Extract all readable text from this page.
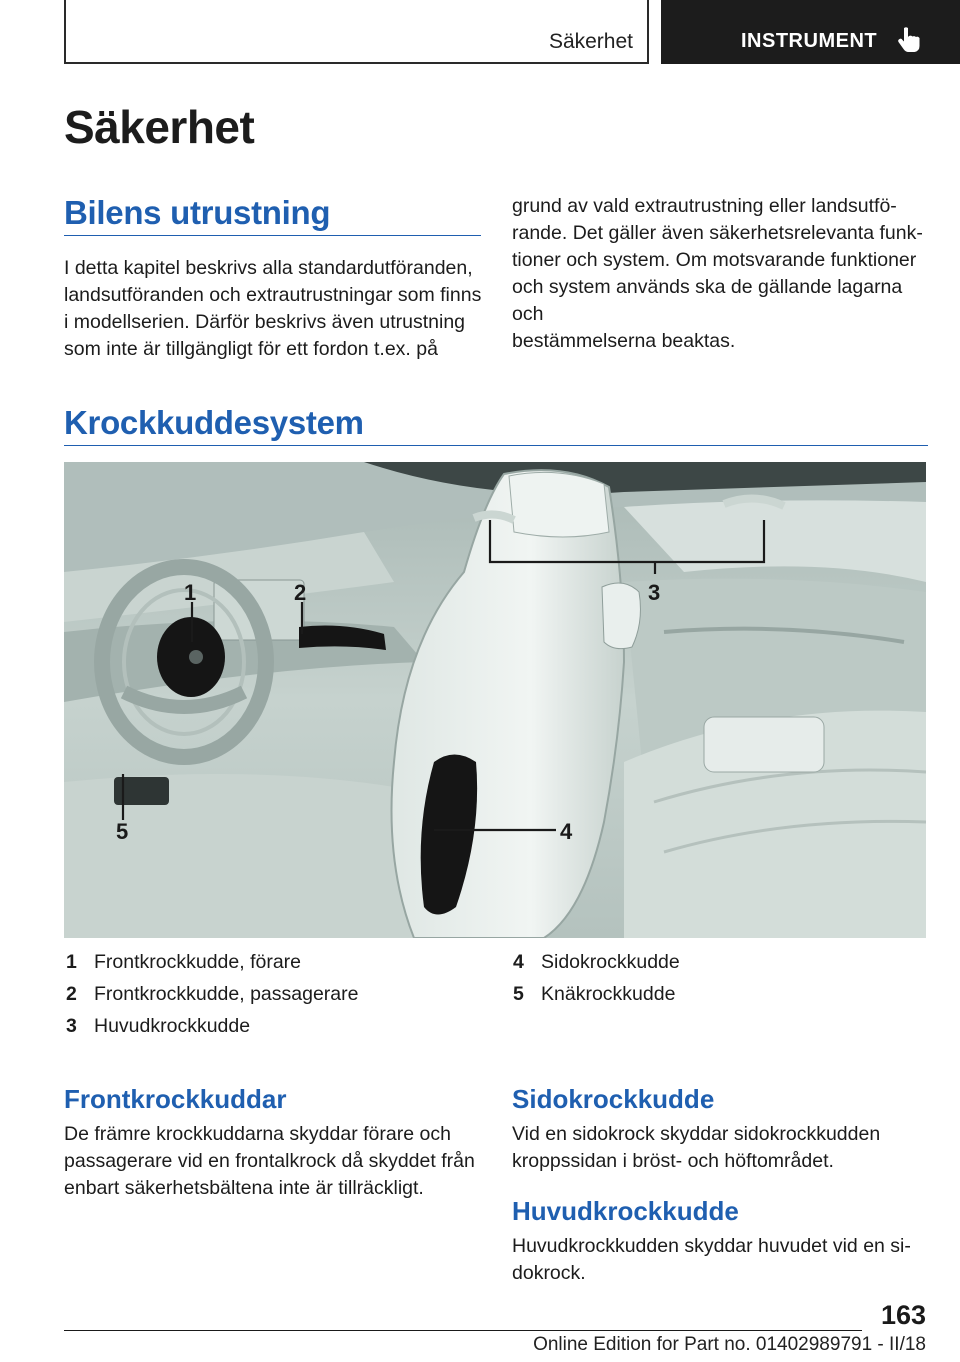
Säkerhet	INSTRUMENT
Säkerhet
Bilens utrustning
I detta kapitel beskrivs alla standardutföranden,
landsutföranden och extrautrustningar som finns
i modellserien. Därför beskrivs även utrustning
som inte är tillgängligt för ett fordon t.ex. på
grund av vald extrautrustning eller landsutfö-
rande. Det gäller även säkerhetsrelevanta funk-
tioner och system. Om motsvarande funktioner
och system används ska de gällande lagarna och
bestämmelserna beaktas.
Krockkuddesystem
1	2	3
4
5
1 Frontkrockkudde, förare
2 Frontkrockkudde, passagerare
3 Huvudkrockkudde
4 Sidokrockkudde
5 Knäkrockkudde
Frontkrockkuddar
De främre krockkuddarna skyddar förare och
passagerare vid en frontalkrock då skyddet från
enbart säkerhetsbältena inte är tillräckligt.
Sidokrockkudde
Vid en sidokrock skyddar sidokrockkudden
kroppssidan i bröst- och höftområdet.
Huvudkrockkudde
Huvudkrockkudden skyddar huvudet vid en si-
dokrock.
163
Online Edition for Part no. 01402989791 - II/18
